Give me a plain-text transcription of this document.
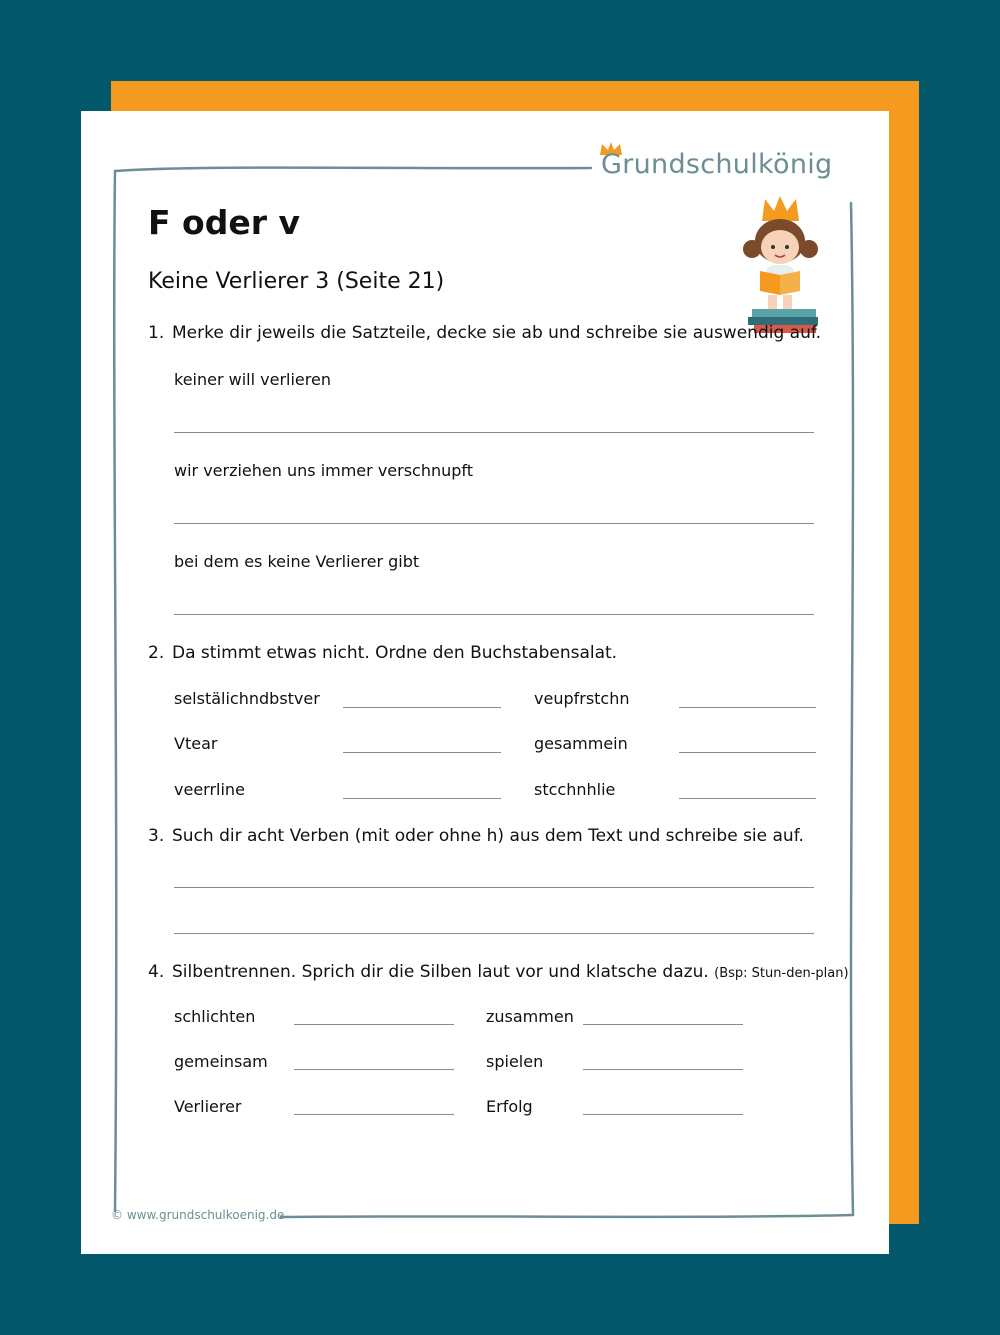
Grundschulkönig
F oder v
Keine Verlierer 3 (Seite 21)
1. Merke dir jeweils die Satzteile, decke sie ab und schreibe sie auswendig auf.
keiner will verlieren
wir verziehen uns immer verschnupft
bei dem es keine Verlierer gibt
2. Da stimmt etwas nicht. Ordne den Buchstabensalat.
selstälichndbstver	veupfrstchn
Vtear	gesammein
veerrline	stcchnhlie
3. Such dir acht Verben (mit oder ohne h) aus dem Text und schreibe sie auf.
4. Silbentrennen. Sprich dir die Silben laut vor und klatsche dazu. (Bsp: Stun-den-plan)
schlichten	zusammen
gemeinsam	spielen
Verlierer	Erfolg
© www.grundschulkoenig.de
